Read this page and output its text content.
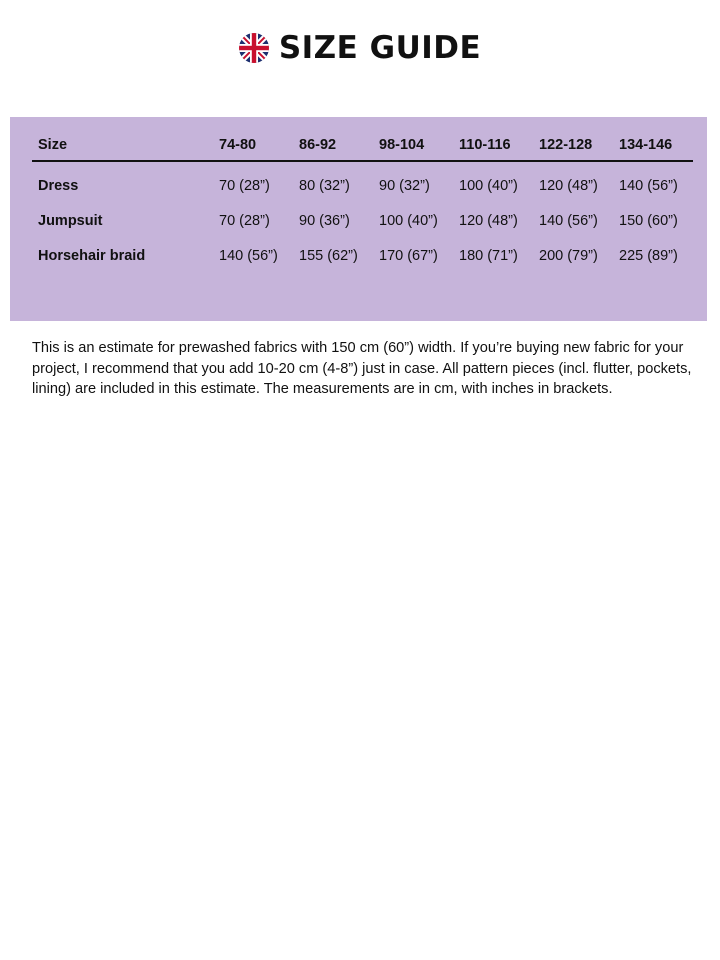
SIZE GUIDE
Size	74-80	86-92	98-104	110-116	122-128	134-146
Dress	70 (28”)	80 (32”)	90 (32”)	100 (40”)	120 (48”)	140 (56”)
Jumpsuit	70 (28”)	90 (36”)	100 (40”)	120 (48”)	140 (56”)	150 (60”)
Horsehair braid	140 (56”)	155 (62”)	170 (67”)	180 (71”)	200 (79”)	225 (89”)

This is an estimate for prewashed fabrics with 150 cm (60”) width. If you’re buying new fabric for your project, I recommend that you add 10-20 cm (4-8”) just in case. All pattern pieces (incl. flutter, pockets, lining) are included in this estimate. The measurements are in cm, with inches in brackets.
